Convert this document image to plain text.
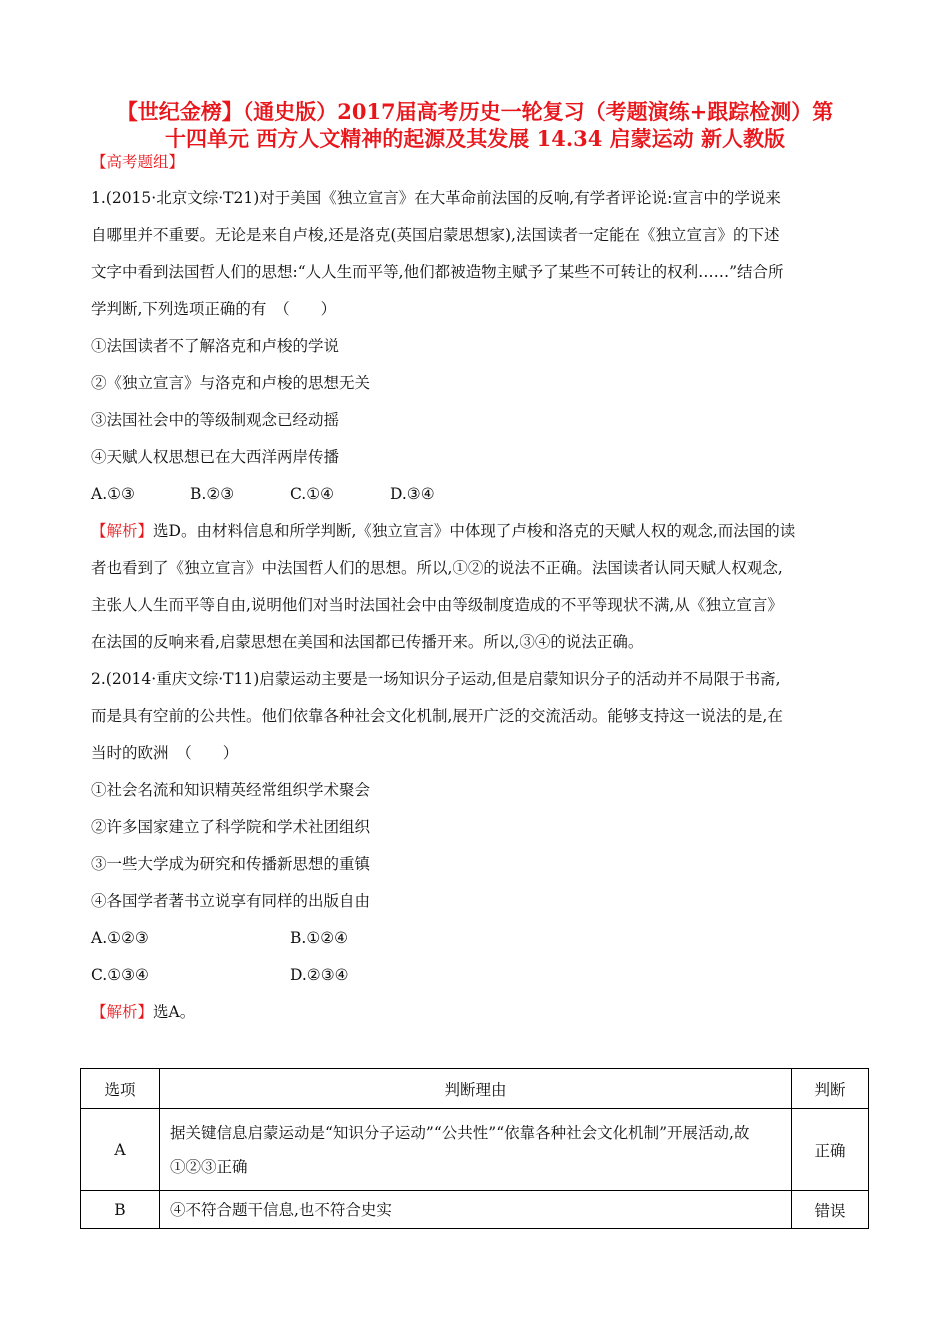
【世纪金榜】（通史版）2017届高考历史一轮复习（考题演练+跟踪检测）第
十四单元 西方人文精神的起源及其发展 14.34 启蒙运动 新人教版
【高考题组】
1.(2015·北京文综·T21)对于美国《独立宣言》在大革命前法国的反响,有学者评论说:宣言中的学说来
自哪里并不重要。无论是来自卢梭,还是洛克(英国启蒙思想家),法国读者一定能在《独立宣言》的下述
文字中看到法国哲人们的思想:“人人生而平等,他们都被造物主赋予了某些不可转让的权利……”结合所
学判断,下列选项正确的有　（　　）
①法国读者不了解洛克和卢梭的学说
②《独立宣言》与洛克和卢梭的思想无关
③法国社会中的等级制观念已经动摇
④天赋人权思想已在大西洋两岸传播
A.①③	B.②③	C.①④	D.③④
【解析】选D。由材料信息和所学判断,《独立宣言》中体现了卢梭和洛克的天赋人权的观念,而法国的读
者也看到了《独立宣言》中法国哲人们的思想。所以,①②的说法不正确。法国读者认同天赋人权观念,
主张人人生而平等自由,说明他们对当时法国社会中由等级制度造成的不平等现状不满,从《独立宣言》
在法国的反响来看,启蒙思想在美国和法国都已传播开来。所以,③④的说法正确。
2.(2014·重庆文综·T11)启蒙运动主要是一场知识分子运动,但是启蒙知识分子的活动并不局限于书斋,
而是具有空前的公共性。他们依靠各种社会文化机制,展开广泛的交流活动。能够支持这一说法的是,在
当时的欧洲　（　　）
①社会名流和知识精英经常组织学术聚会
②许多国家建立了科学院和学术社团组织
③一些大学成为研究和传播新思想的重镇
④各国学者著书立说享有同样的出版自由
A.①②③	B.①②④
C.①③④	D.②③④
【解析】选A。
选项	判断理由	判断
A	据关键信息启蒙运动是“知识分子运动”“公共性”“依靠各种社会文化机制”开展活动,故①②③正确	正确
B	④不符合题干信息,也不符合史实	错误
